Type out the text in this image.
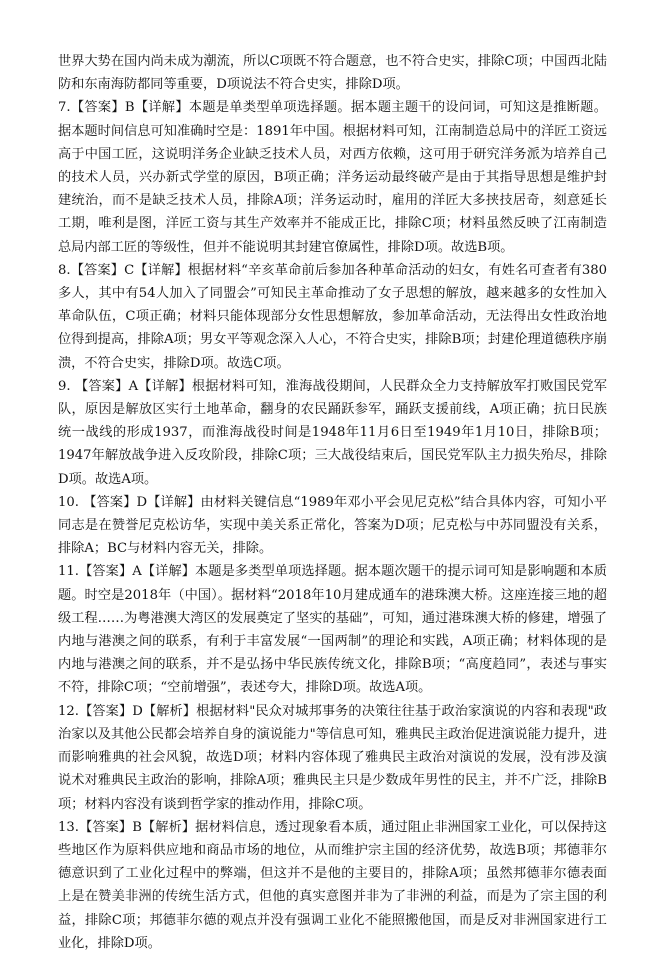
世界大势在国内尚未成为潮流，所以C项既不符合题意，也不符合史实，排除C项；中国西北陆防和东南海防都同等重要，D项说法不符合史实，排除D项。

7.【答案】B【详解】本题是单类型单项选择题。据本题主题干的设问词，可知这是推断题。据本题时间信息可知准确时空是：1891年中国。根据材料可知，江南制造总局中的洋匠工资远高于中国工匠，这说明洋务企业缺乏技术人员，对西方依赖，这可用于研究洋务派为培养自己的技术人员，兴办新式学堂的原因，B项正确；洋务运动最终破产是由于其指导思想是维护封建统治，而不是缺乏技术人员，排除A项；洋务运动时，雇用的洋匠大多挟技居奇，刻意延长工期，唯利是图，洋匠工资与其生产效率并不能成正比，排除C项；材料虽然反映了江南制造总局内部工匠的等级性，但并不能说明其封建官僚属性，排除D项。故选B项。

8.【答案】C【详解】根据材料“辛亥革命前后参加各种革命活动的妇女，有姓名可查者有380多人，其中有54人加入了同盟会”可知民主革命推动了女子思想的解放，越来越多的女性加入革命队伍，C项正确；材料只能体现部分女性思想解放，参加革命活动，无法得出女性政治地位得到提高，排除A项；男女平等观念深入人心，不符合史实，排除B项；封建伦理道德秩序崩溃，不符合史实，排除D项。故选C项。

9. 【答案】A【详解】根据材料可知，淮海战役期间，人民群众全力支持解放军打败国民党军队，原因是解放区实行土地革命，翻身的农民踊跃参军，踊跃支援前线，A项正确；抗日民族统一战线的形成1937，而淮海战役时间是1948年11月6日至1949年1月10日，排除B项；1947年解放战争进入反攻阶段，排除C项；三大战役结束后，国民党军队主力损失殆尽，排除D项。故选A项。

10. 【答案】D【详解】由材料关键信息“1989年邓小平会见尼克松”结合具体内容，可知小平同志是在赞誉尼克松访华，实现中美关系正常化，答案为D项；尼克松与中苏同盟没有关系，排除A；BC与材料内容无关，排除。

11.【答案】A【详解】本题是多类型单项选择题。据本题次题干的提示词可知是影响题和本质题。时空是2018年（中国）。据材料“2018年10月建成通车的港珠澳大桥。这座连接三地的超级工程……为粤港澳大湾区的发展奠定了坚实的基础”，可知，通过港珠澳大桥的修建，增强了内地与港澳之间的联系，有利于丰富发展“一国两制”的理论和实践，A项正确；材料体现的是内地与港澳之间的联系，并不是弘扬中华民族传统文化，排除B项；“高度趋同”，表述与事实不符，排除C项；“空前增强”，表述夸大，排除D项。故选A项。

12.【答案】D【解析】根据材料"民众对城邦事务的决策往往基于政治家演说的内容和表现"政治家以及其他公民都会培养自身的演说能力"等信息可知，雅典民主政治促进演说能力提升，进而影响雅典的社会风貌，故选D项；材料内容体现了雅典民主政治对演说的发展，没有涉及演说术对雅典民主政治的影响，排除A项；雅典民主只是少数成年男性的民主，并不广泛，排除B项；材料内容没有谈到哲学家的推动作用，排除C项。

13.【答案】B【解析】据材料信息，透过现象看本质，通过阻止非洲国家工业化，可以保持这些地区作为原料供应地和商品市场的地位，从而维护宗主国的经济优势，故选B项；邦德菲尔德意识到了工业化过程中的弊端，但这并不是他的主要目的，排除A项；虽然邦德菲尔德表面上是在赞美非洲的传统生活方式，但他的真实意图并非为了非洲的利益，而是为了宗主国的利益，排除C项；邦德菲尔德的观点并没有强调工业化不能照搬他国，而是反对非洲国家进行工业化，排除D项。
